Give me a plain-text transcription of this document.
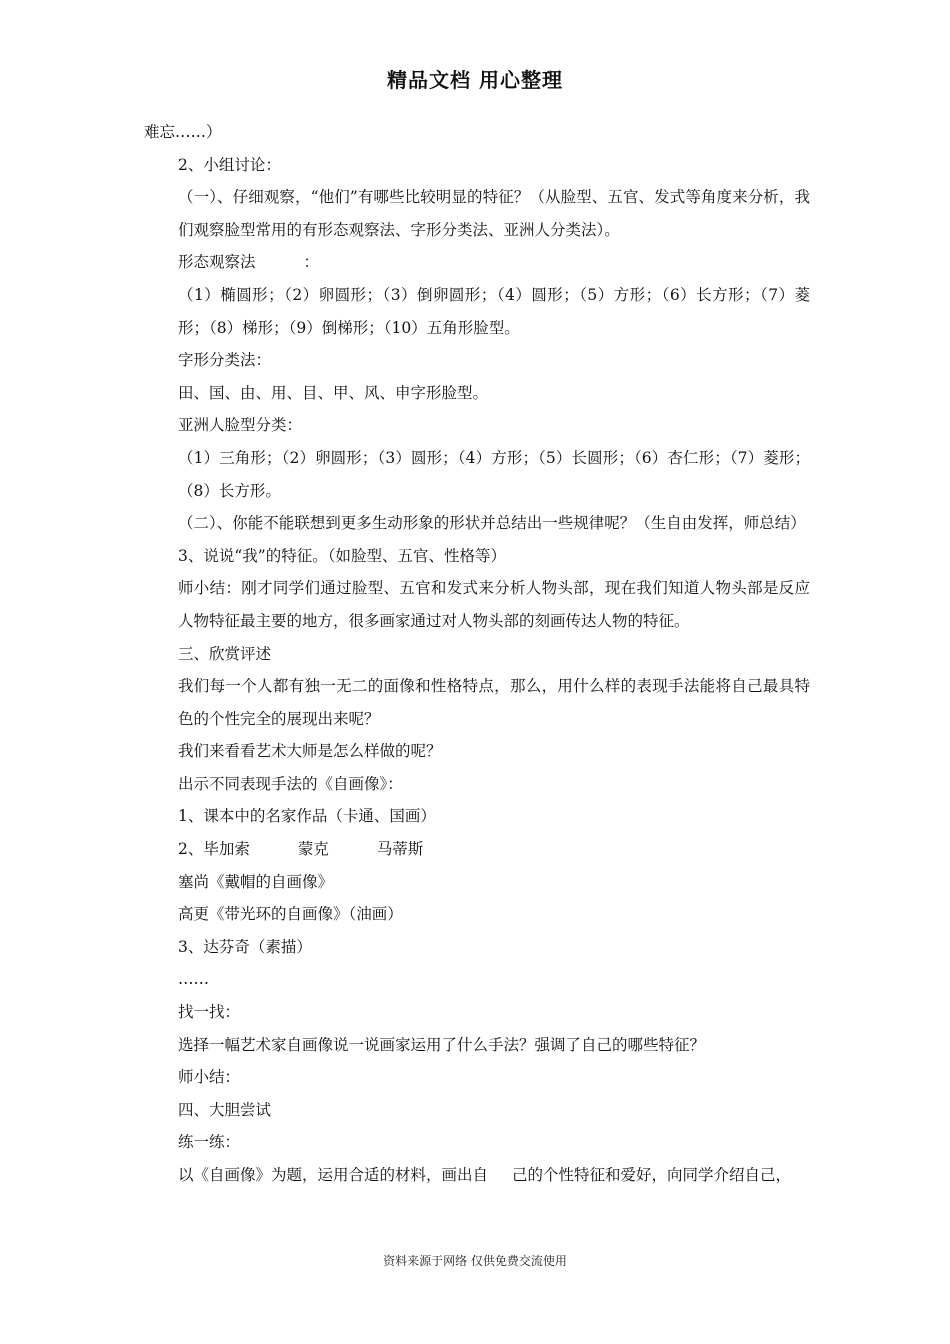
精品文档 用心整理

难忘……）

2、小组讨论：

（一）、仔细观察，“他们”有哪些比较明显的特征？（从脸型、五官、发式等角度来分析，我们观察脸型常用的有形态观察法、字形分类法、亚洲人分类法）。

形态观察法	：

（1）椭圆形；（2）卵圆形；（3）倒卵圆形；（4）圆形；（5）方形；（6）长方形；（7）菱形；（8）梯形；（9）倒梯形；（10）五角形脸型。

字形分类法：

田、国、由、用、目、甲、风、申字形脸型。

亚洲人脸型分类：

（1）三角形；（2）卵圆形；（3）圆形；（4）方形；（5）长圆形；（6）杏仁形；（7）菱形；（8）长方形。

（二）、你能不能联想到更多生动形象的形状并总结出一些规律呢？（生自由发挥，师总结）

3、说说“我”的特征。（如脸型、五官、性格等）

师小结：刚才同学们通过脸型、五官和发式来分析人物头部，现在我们知道人物头部是反应人物特征最主要的地方，很多画家通过对人物头部的刻画传达人物的特征。

三、欣赏评述

我们每一个人都有独一无二的面像和性格特点，那么，用什么样的表现手法能将自己最具特色的个性完全的展现出来呢？

我们来看看艺术大师是怎么样做的呢？

出示不同表现手法的《自画像》：

1、课本中的名家作品（卡通、国画）

2、毕加索	蒙克	马蒂斯

塞尚《戴帽的自画像》

高更《带光环的自画像》（油画）

3、达芬奇（素描）

……

找一找：

选择一幅艺术家自画像说一说画家运用了什么手法？强调了自己的哪些特征？

师小结：

四、大胆尝试

练一练：

以《自画像》为题，运用合适的材料，画出自 己的个性特征和爱好，向同学介绍自己，

资料来源于网络 仅供免费交流使用
